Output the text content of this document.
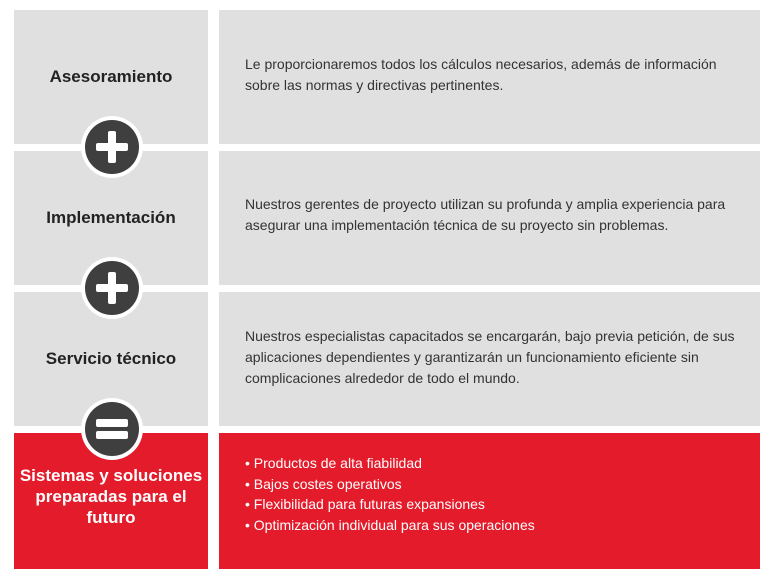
Asesoramiento
Le proporcionaremos todos los cálculos necesarios, además de información sobre las normas y directivas pertinentes.
Implementación
Nuestros gerentes de proyecto utilizan su profunda y amplia experiencia para asegurar una implementación técnica de su proyecto sin problemas.
Servicio técnico
Nuestros especialistas capacitados se encargarán, bajo previa petición, de sus aplicaciones dependientes y garantizarán un funcionamiento eficiente sin complicaciones alrededor de todo el mundo.
Sistemas y soluciones preparadas para el futuro
• Productos de alta fiabilidad
• Bajos costes operativos
• Flexibilidad para futuras expansiones
• Optimización individual para sus operaciones
